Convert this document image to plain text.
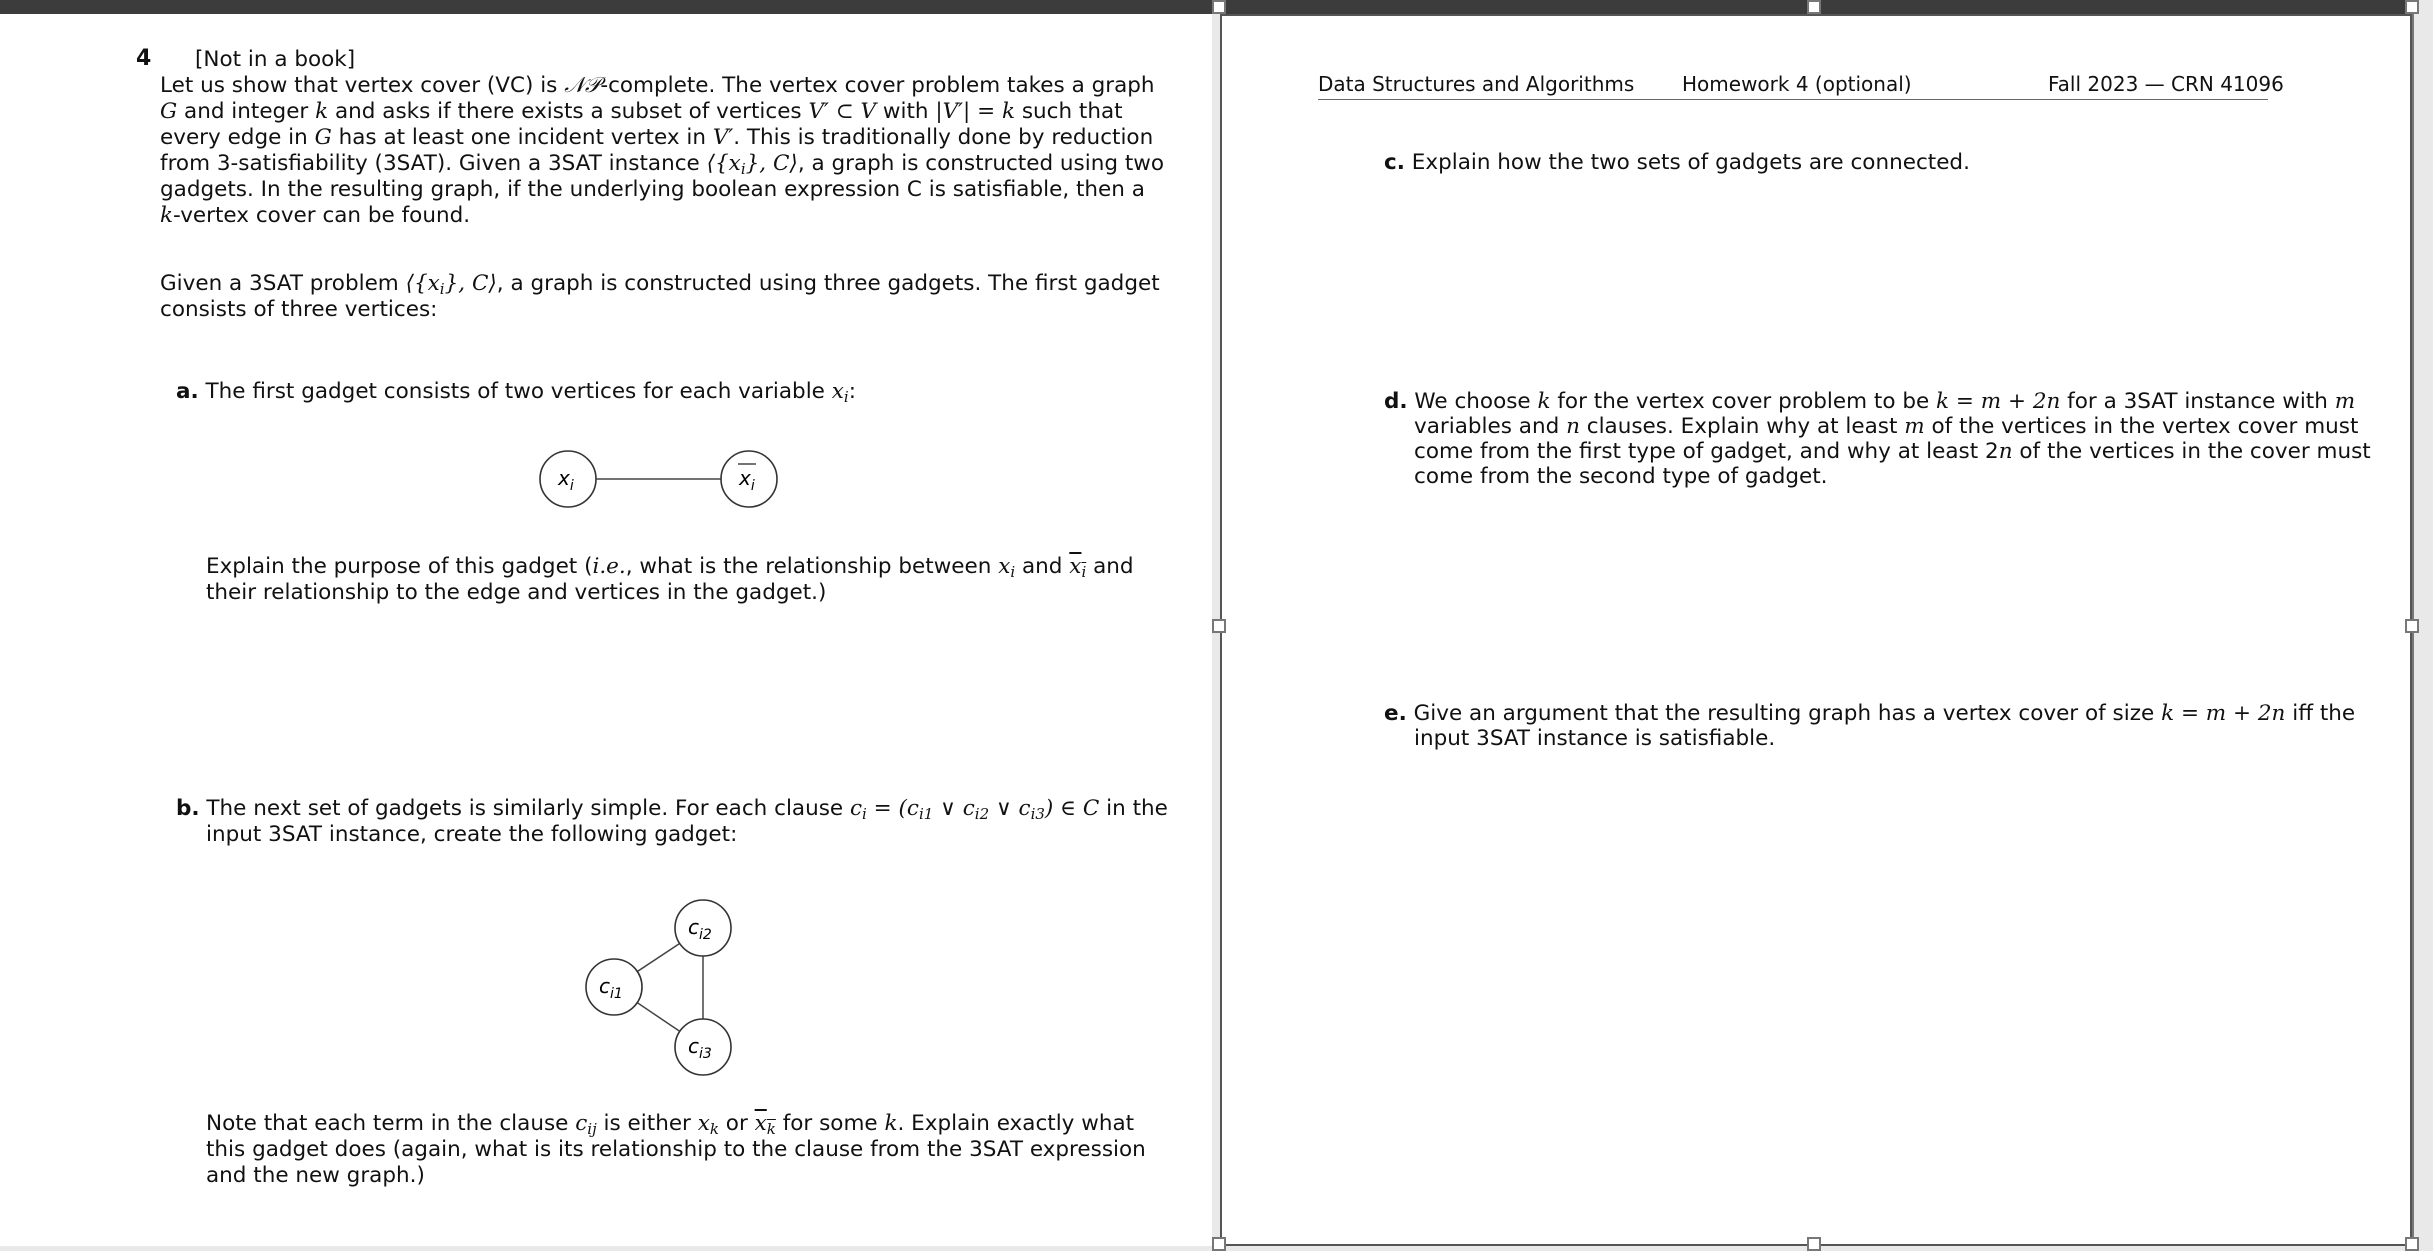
4 [Not in a book]
Let us show that vertex cover (VC) is 𝒩𝒫-complete. The vertex cover problem takes a graph
G and integer k and asks if there exists a subset of vertices V′ ⊂ V with |V′| = k such that
every edge in G has at least one incident vertex in V′. This is traditionally done by reduction
from 3-satisfiability (3SAT). Given a 3SAT instance $⟨\{x_i\}$, C⟩, a graph is constructed using two
gadgets. In the resulting graph, if the underlying boolean expression C is satisfiable, then a
k-vertex cover can be found.
Given a 3SAT problem $⟨\{x_i\}$, C⟩, a graph is constructed using three gadgets. The first gadget
consists of three vertices:
a. The first gadget consists of two vertices for each variable $x_i$:
$x_i$	$x_i$
Explain the purpose of this gadget (i.e., what is the relationship between $x_i$ and $\overline{x}_{\overline{i}}$ and
their relationship to the edge and vertices in the gadget.)
b. The next set of gadgets is similarly simple. For each clause $c_i = (c_{i1}$ ∨ $c_{i2}$ ∨ $c_{i3}$) ∈ C in the
input 3SAT instance, create the following gadget:
$c_{i1}$
$c_{i2}$
$c_{i3}$
Note that each term in the clause $c_{ij}$ is either $x_k$ or $\overline{x}_{\overline{k}}$ for some k. Explain exactly what
this gadget does (again, what is its relationship to the clause from the 3SAT expression
and the new graph.)
Data Structures and Algorithms Homework 4 (optional)	Fall 2023 — CRN 41096
c. Explain how the two sets of gadgets are connected.
d. We choose k for the vertex cover problem to be k = m + 2n for a 3SAT instance with m
variables and n clauses. Explain why at least m of the vertices in the vertex cover must
come from the first type of gadget, and why at least 2n of the vertices in the cover must
come from the second type of gadget.
e. Give an argument that the resulting graph has a vertex cover of size k = m + 2n iff the
input 3SAT instance is satisfiable.
